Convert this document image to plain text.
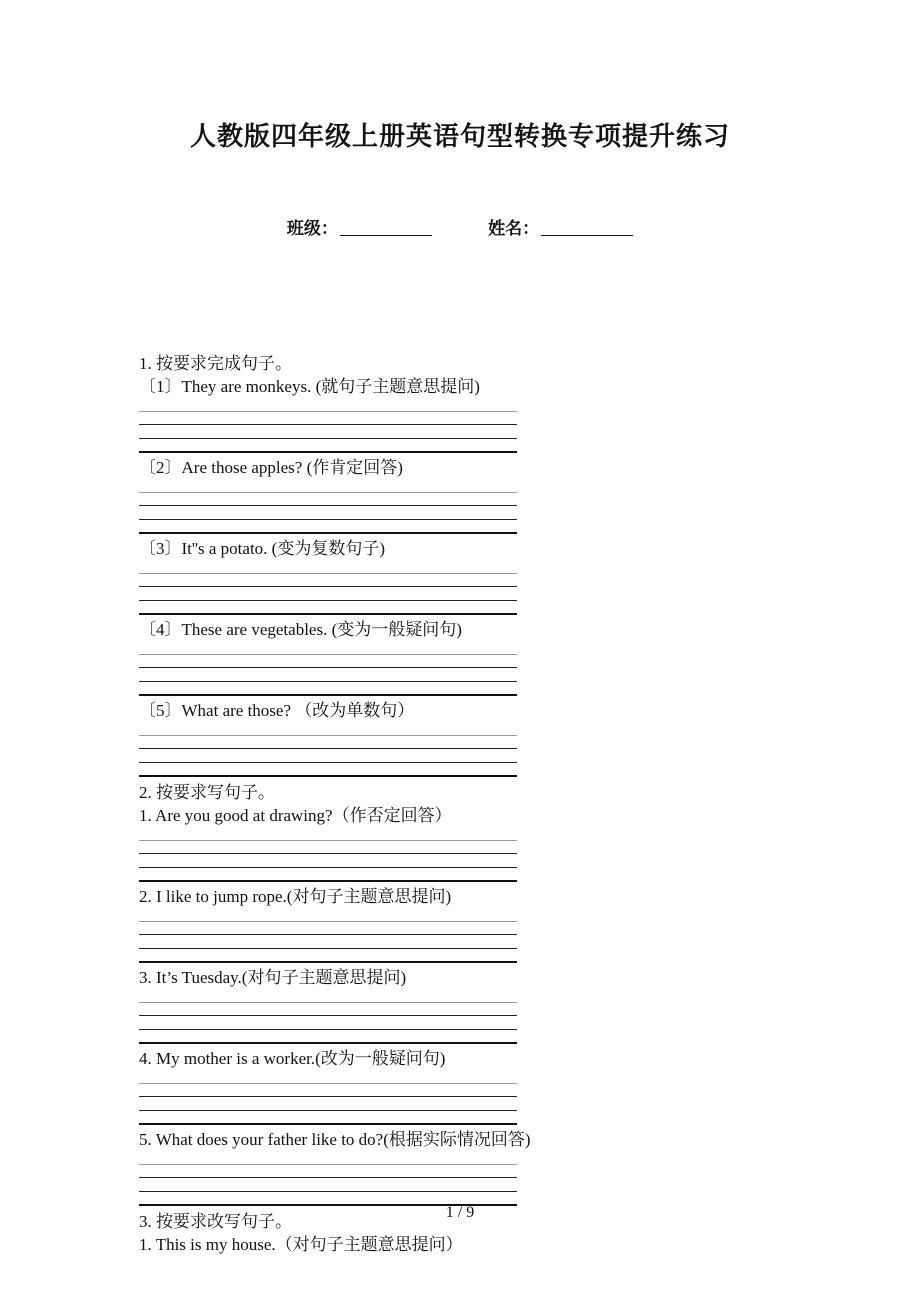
人教版四年级上册英语句型转换专项提升练习
班级：	姓名：
1. 按要求完成句子。
〔1〕They are monkeys. (就句子主题意思提问)
〔2〕Are those apples? (作肯定回答)
〔3〕It''s a potato. (变为复数句子)
〔4〕These are vegetables. (变为一般疑问句)
〔5〕What are those? （改为单数句）
2. 按要求写句子。
1. Are you good at drawing?（作否定回答）
2. I like to jump rope.(对句子主题意思提问)
3. It’s Tuesday.(对句子主题意思提问)
4. My mother is a worker.(改为一般疑问句)
5. What does your father like to do?(根据实际情况回答)
3. 按要求改写句子。
1. This is my house.（对句子主题意思提问）
1 / 9
